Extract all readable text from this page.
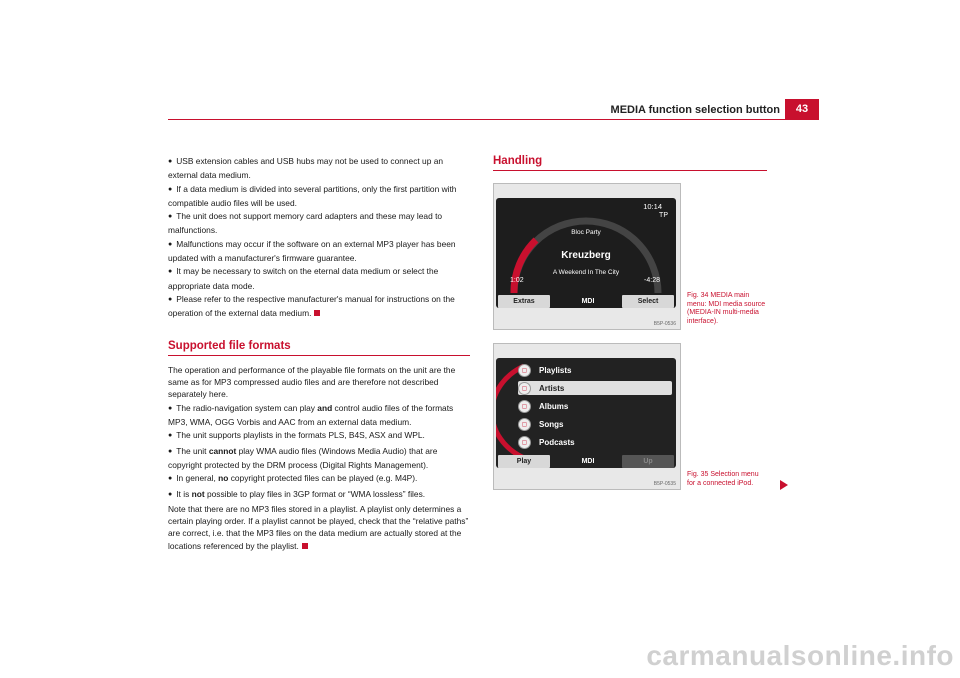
MEDIA function selection button	43

● USB extension cables and USB hubs may not be used to connect up an external data medium.

● If a data medium is divided into several partitions, only the first partition with compatible audio files will be used.

● The unit does not support memory card adapters and these may lead to malfunctions.

● Malfunctions may occur if the software on an external MP3 player has been updated with a manufacturer's firmware guarantee.

● It may be necessary to switch on the eternal data medium or select the appropriate data mode.

● Please refer to the respective manufacturer's manual for instructions on the operation of the external data medium.

Supported file formats

The operation and performance of the playable file formats on the unit are the same as for MP3 compressed audio files and are therefore not described separately here.

● The radio-navigation system can play and control audio files of the formats MP3, WMA, OGG Vorbis and AAC from an external data medium.

● The unit supports playlists in the formats PLS, B4S, ASX and WPL.

● The unit cannot play WMA audio files (Windows Media Audio) that are copyright protected by the DRM process (Digital Rights Management).

● In general, no copyright protected files can be played (e.g. M4P).

● It is not possible to play files in 3GP format or “WMA lossless” files.

Note that there are no MP3 files stored in a playlist. A playlist only determines a certain playing order. If a playlist cannot be played, check that the “relative paths” are correct, i.e. that the MP3 files on the data medium are actually stored at the locations referenced by the playlist.

Handling
10:14
TP
Bloc Party
Kreuzberg
1:02
A Weekend In The City
-4:28
Extras	MDI	Select
B5P-0536
Fig. 34 MEDIA main menu: MDI media source (MEDIA-IN multi-media interface).
▢	Playlists
▢	Artists
▢	Albums
▢	Songs
▢	Podcasts
Play	MDI	Up
B5P-0535
Fig. 35 Selection menu for a connected iPod.
carmanualsonline.info
